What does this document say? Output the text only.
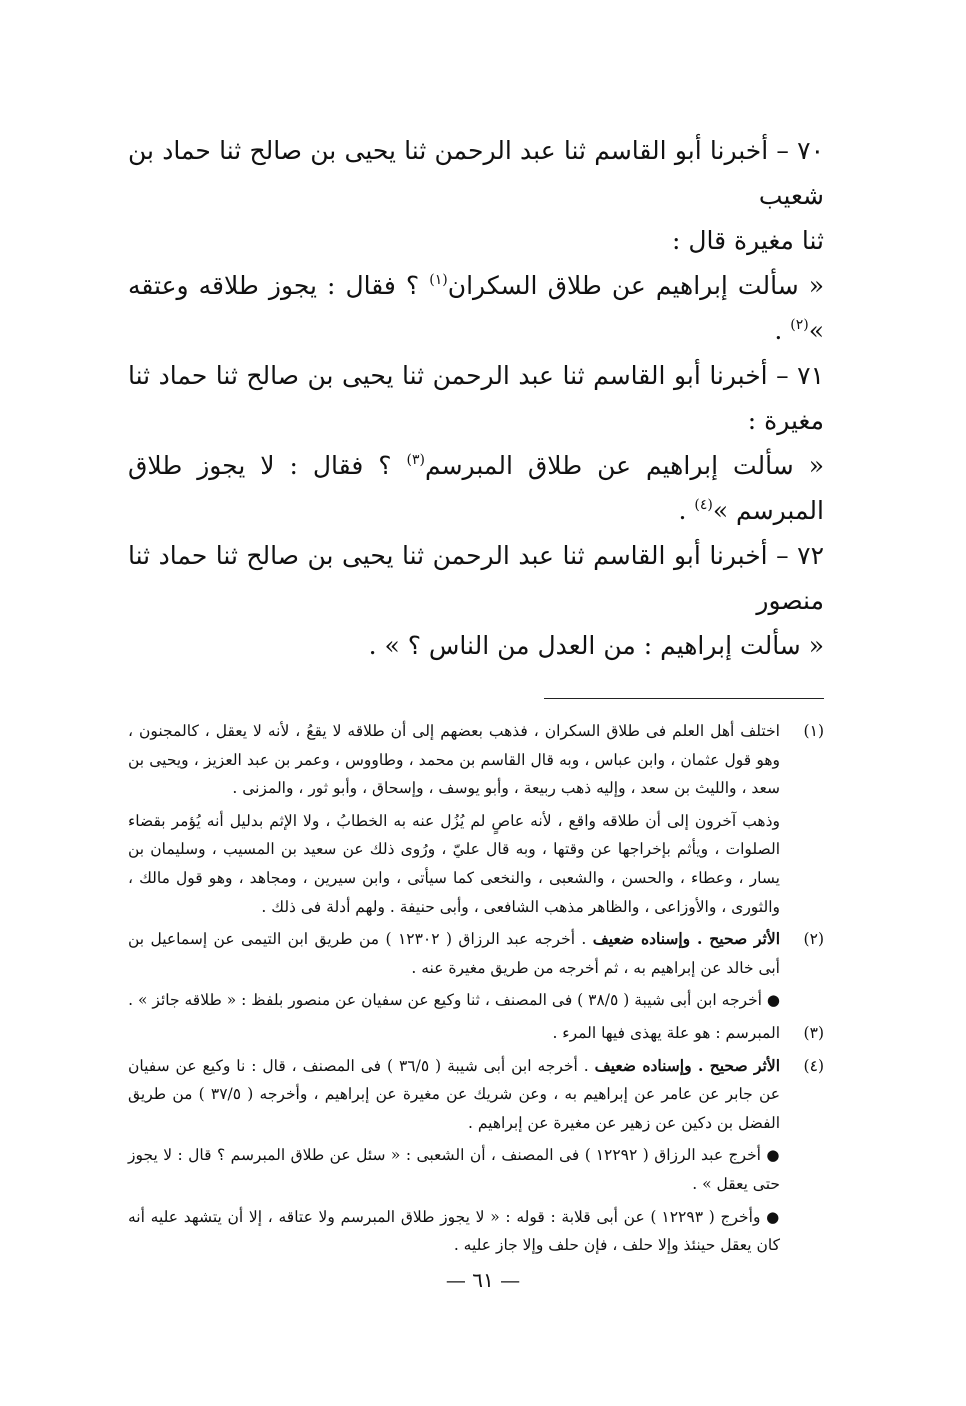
٧٠ – أخبرنا أبو القاسم ثنا عبد الرحمن ثنا يحيى بن صالح ثنا حماد بن شعيب
ثنا مغيرة قال :
« سألت إبراهيم عن طلاق السكران$^{(١)}$ ؟ فقال : يجوز طلاقه وعتقه »$^{(٢)}$ .

٧١ – أخبرنا أبو القاسم ثنا عبد الرحمن ثنا يحيى بن صالح ثنا حماد ثنا مغيرة :
« سألت إبراهيم عن طلاق المبرسم$^{(٣)}$ ؟ فقال : لا يجوز طلاق المبرسم »$^{(٤)}$ .

٧٢ – أخبرنا أبو القاسم ثنا عبد الرحمن ثنا يحيى بن صالح ثنا حماد ثنا منصور
« سألت إبراهيم : من العدل من الناس ؟ » .

(١)

اختلف أهل العلم فى طلاق السكران ، فذهب بعضهم إلى أن طلاقه لا يقعُ ، لأنه لا يعقل ، كالمجنون ، وهو قول عثمان ، وابن عباس ، وبه قال القاسم بن محمد ، وطاووس ، وعمر بن عبد العزيز ، ويحيى بن سعد ، والليث بن سعد ، وإليه ذهب ربيعة ، وأبو يوسف ، وإسحاق ، وأبو ثور ، والمزنى .

وذهب آخرون إلى أن طلاقه واقع ، لأنه عاصٍ لم يُزُل عنه به الخطابُ ، ولا الإثم بدليل أنه يُؤمر بقضاء الصلوات ، ويأثم بإخراجها عن وقتها ، وبه قال عليّ ، ورُوى ذلك عن سعيد بن المسيب ، وسليمان بن يسار ، وعطاء ، والحسن ، والشعبى ، والنخعى كما سيأتى ، وابن سيرين ، ومجاهد ، وهو قول مالك ، والثورى ، والأوزاعى ، والظاهر مذهب الشافعى ، وأبى حنيفة . ولهم أدلة فى ذلك .

(٢)

الأثر صحيح . وإسناده ضعيف . أخرجه عبد الرزاق ( ١٢٣٠٢ ) من طريق ابن التيمى عن إسماعيل بن أبى خالد عن إبراهيم به ، ثم أخرجه من طريق مغيرة عنه .

● أخرجه ابن أبى شيبة ( ٣٨/٥ ) فى المصنف ، ثنا وكيع عن سفيان عن منصور بلفظ : « طلاقه جائز » .

(٣)

المبرسم : هو علة يهذى فيها المرء .

(٤)

الأثر صحيح . وإسناده ضعيف . أخرجه ابن أبى شيبة ( ٣٦/٥ ) فى المصنف ، قال : نا وكيع عن سفيان عن جابر عن عامر عن إبراهيم به ، وعن شريك عن مغيرة عن إبراهيم ، وأخرجه ( ٣٧/٥ ) من طريق الفضل بن دكين عن زهير عن مغيرة عن إبراهيم .

● أخرج عبد الرزاق ( ١٢٢٩٢ ) فى المصنف ، أن الشعبى : « سئل عن طلاق المبرسم ؟ قال : لا يجوز حتى يعقل » .

● وأخرج ( ١٢٢٩٣ ) عن أبى قلابة : قوله : « لا يجوز طلاق المبرسم ولا عتاقه ، إلا أن يتشهد عليه أنه كان يعقل حينئذ وإلا حلف ، فإن حلف وإلا جاز عليه .

— ٦١ —
